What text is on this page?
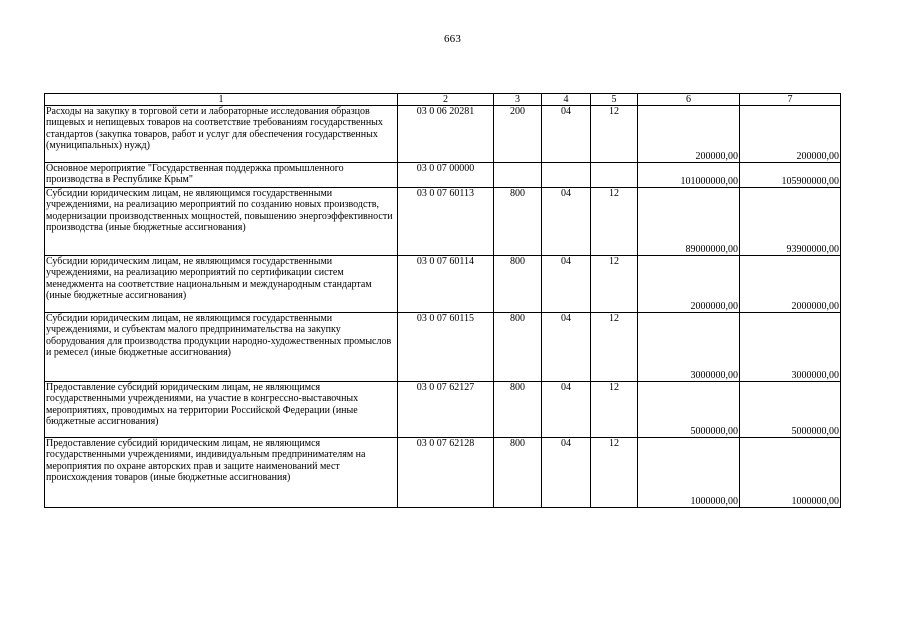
663
1	2	3	4	5	6	7
Расходы на закупку в торговой сети и лабораторные исследования образцов пищевых и непищевых товаров на соответствие требованиям государственных стандартов (закупка товаров, работ и услуг для обеспечения государственных (муниципальных) нужд)	03 0 06 20281	200	04	12	200000,00	200000,00
Основное мероприятие "Государственная поддержка промышленного производства в Республике Крым"	03 0 07 00000				101000000,00	105900000,00
Субсидии юридическим лицам, не являющимся государственными учреждениями, на реализацию мероприятий по созданию новых производств, модернизации производственных мощностей, повышению энергоэффективности производства (иные бюджетные ассигнования)	03 0 07 60113	800	04	12	89000000,00	93900000,00
Субсидии юридическим лицам, не являющимся государственными учреждениями, на реализацию мероприятий по сертификации систем менеджмента на соответствие национальным и международным стандартам (иные бюджетные ассигнования)	03 0 07 60114	800	04	12	2000000,00	2000000,00
Субсидии юридическим лицам, не являющимся государственными учреждениями, и субъектам малого предпринимательства на закупку оборудования для производства продукции народно-художественных промыслов и ремесел (иные бюджетные ассигнования)	03 0 07 60115	800	04	12	3000000,00	3000000,00
Предоставление субсидий юридическим лицам, не являющимся государственными учреждениями, на участие в конгрессно-выставочных мероприятиях, проводимых на территории Российской Федерации (иные бюджетные ассигнования)	03 0 07 62127	800	04	12	5000000,00	5000000,00
Предоставление субсидий юридическим лицам, не являющимся государственными учреждениями, индивидуальным предпринимателям на мероприятия по охране авторских прав и защите наименований мест происхождения товаров (иные бюджетные ассигнования)	03 0 07 62128	800	04	12	1000000,00	1000000,00
